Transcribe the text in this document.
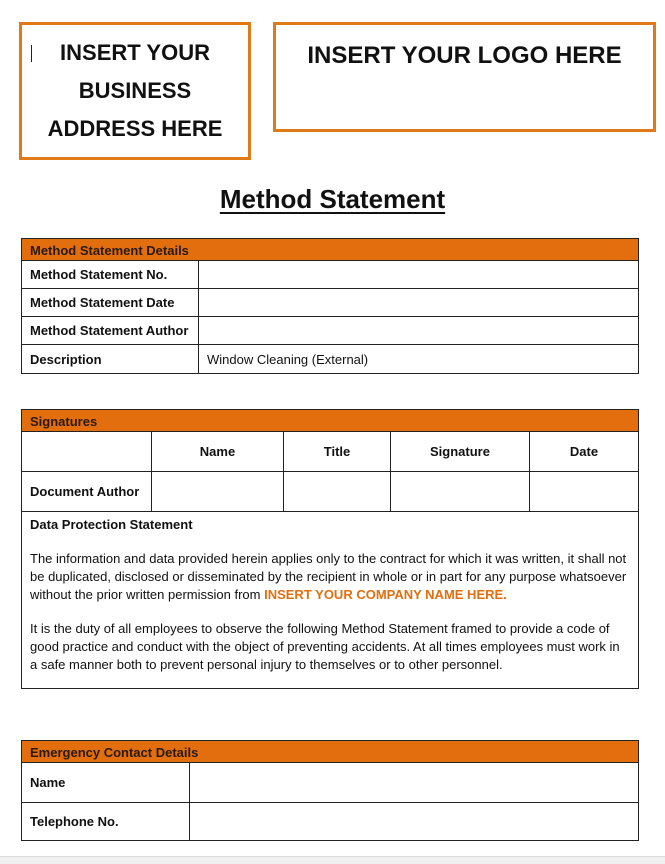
INSERT YOUR BUSINESS ADDRESS HERE
INSERT YOUR LOGO HERE
Method Statement
Method Statement Details	
Method Statement No.	
Method Statement Date	
Method Statement Author	
Description	Window Cleaning (External)
Signatures				
	Name	Title	Signature	Date
Document Author				

Data Protection Statement

The information and data provided herein applies only to the contract for which it was written, it shall not be duplicated, disclosed or disseminated by the recipient in whole or in part for any purpose whatsoever without the prior written permission from INSERT YOUR COMPANY NAME HERE.

It is the duty of all employees to observe the following Method Statement framed to provide a code of good practice and conduct with the object of preventing accidents. At all times employees must work in a safe manner both to prevent personal injury to themselves or to other personnel.				

Emergency Contact Details	
Name	
Telephone No.	
